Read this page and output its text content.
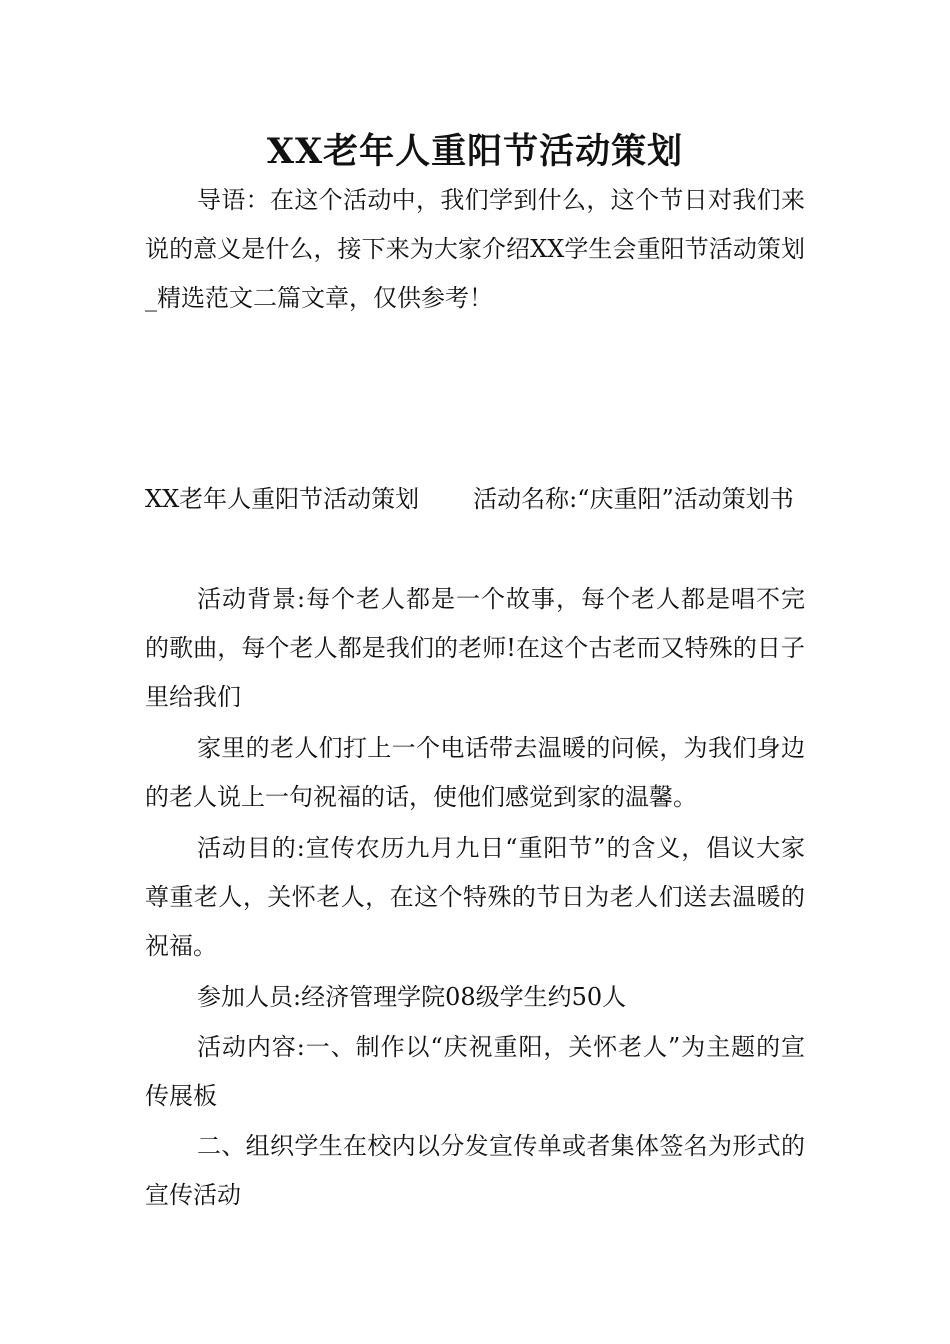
XX老年人重阳节活动策划

导语：在这个活动中，我们学到什么，这个节日对我们来说的意义是什么，接下来为大家介绍XX学生会重阳节活动策划_精选范文二篇文章，仅供参考！

XX老年人重阳节活动策划 活动名称:“庆重阳”活动策划书

活动背景:每个老人都是一个故事，每个老人都是唱不完的歌曲，每个老人都是我们的老师!在这个古老而又特殊的日子里给我们

家里的老人们打上一个电话带去温暖的问候，为我们身边的老人说上一句祝福的话，使他们感觉到家的温馨。

活动目的:宣传农历九月九日“重阳节”的含义，倡议大家尊重老人，关怀老人，在这个特殊的节日为老人们送去温暖的祝福。

参加人员:经济管理学院08级学生约50人

活动内容:一、制作以“庆祝重阳，关怀老人”为主题的宣传展板

二、组织学生在校内以分发宣传单或者集体签名为形式的宣传活动
